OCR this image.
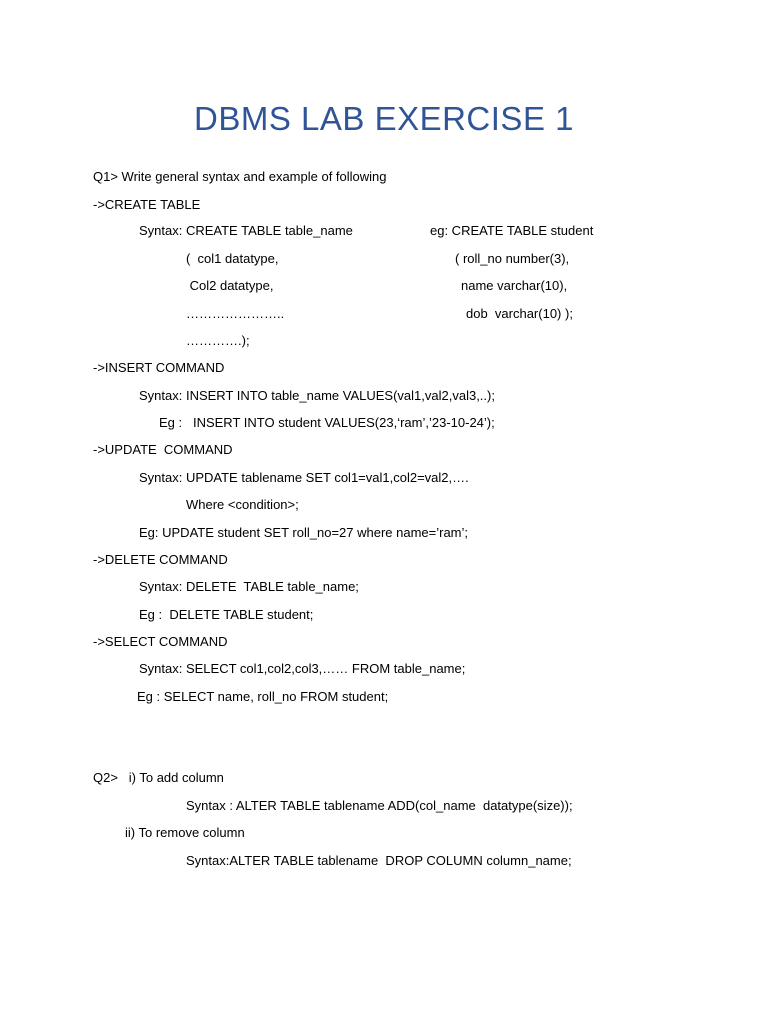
DBMS LAB EXERCISE 1
Q1> Write general syntax and example of following
->CREATE TABLE
Syntax: CREATE TABLE table_name	eg: CREATE TABLE student
(  col1 datatype,	( roll_no number(3),
Col2 datatype,	name varchar(10),
…………………..	dob  varchar(10) );
………….);
->INSERT COMMAND
Syntax: INSERT INTO table_name VALUES(val1,val2,val3,..);
Eg :   INSERT INTO student VALUES(23,‘ram’,’23-10-24’);
->UPDATE  COMMAND
Syntax: UPDATE tablename SET col1=val1,col2=val2,….
Where <condition>;
Eg: UPDATE student SET roll_no=27 where name=’ram’;
->DELETE COMMAND
Syntax: DELETE  TABLE table_name;
Eg :  DELETE TABLE student;
->SELECT COMMAND
Syntax: SELECT col1,col2,col3,…… FROM table_name;
Eg : SELECT name, roll_no FROM student;
Q2>   i) To add column
Syntax : ALTER TABLE tablename ADD(col_name  datatype(size));
ii) To remove column
Syntax:ALTER TABLE tablename  DROP COLUMN column_name;
